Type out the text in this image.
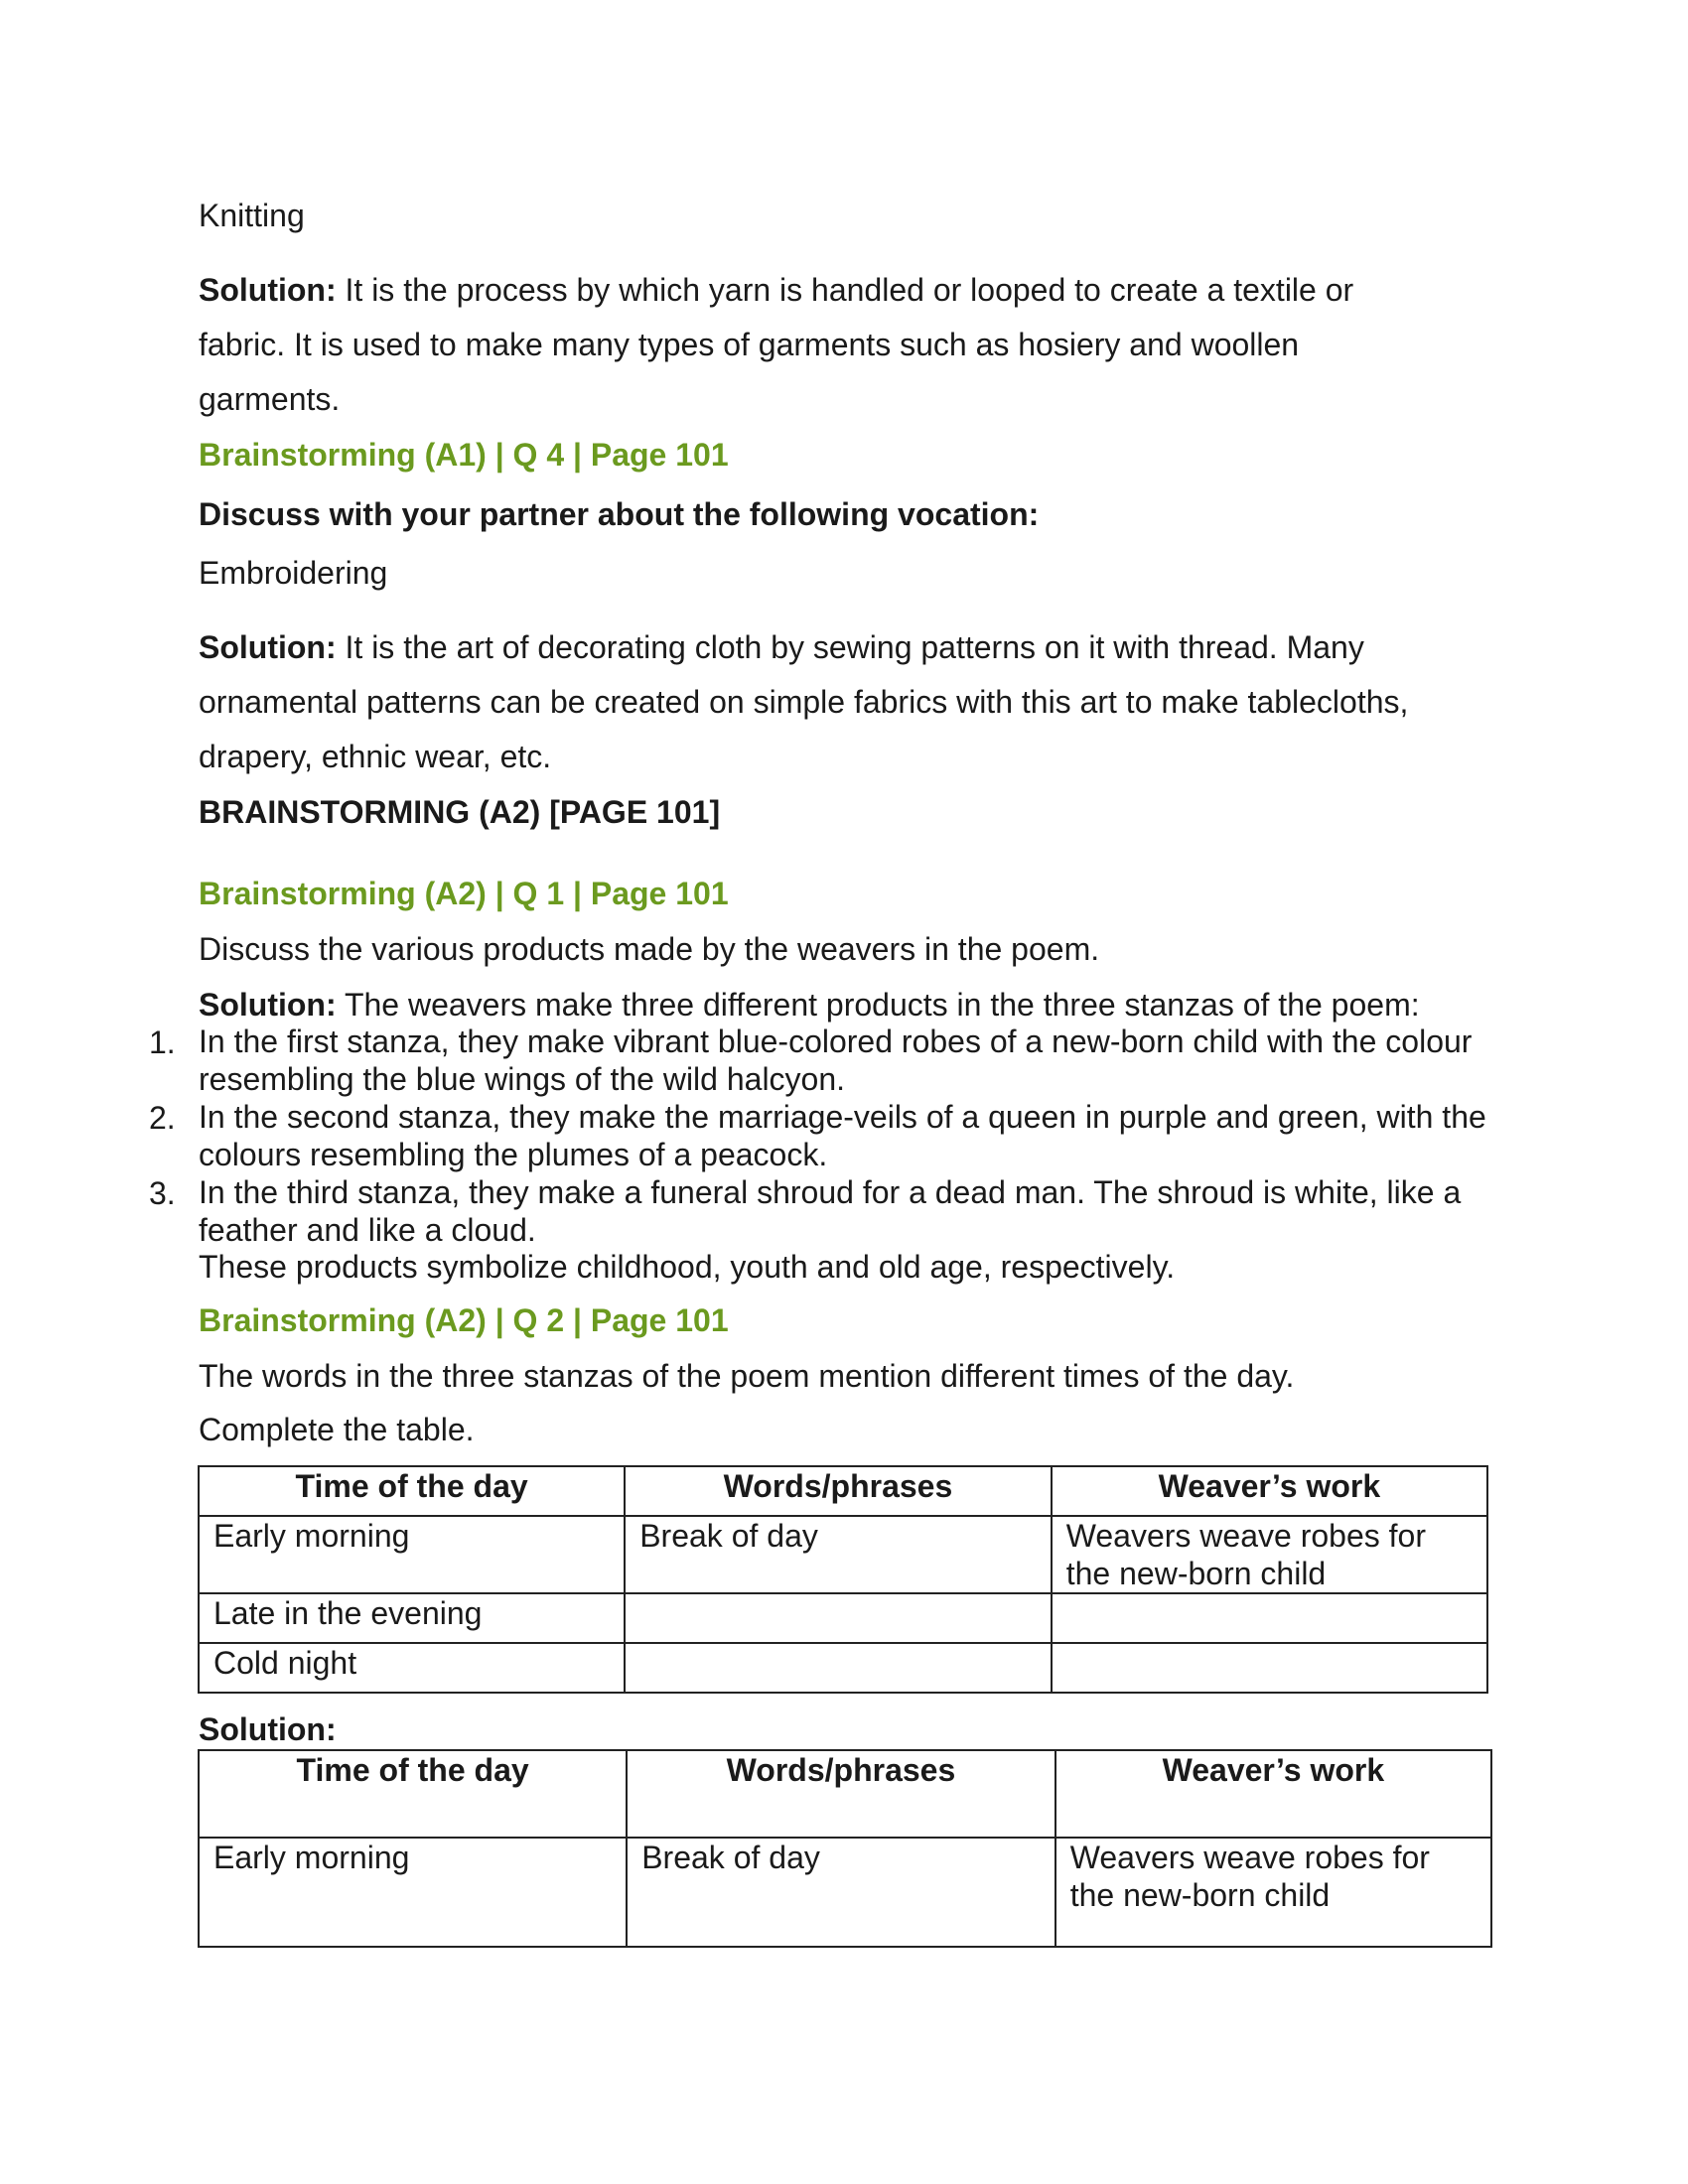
Knitting

Solution: It is the process by which yarn is handled or looped to create a textile or

fabric. It is used to make many types of garments such as hosiery and woollen

garments.

Brainstorming (A1) | Q 4 | Page 101

Discuss with your partner about the following vocation:

Embroidering

Solution: It is the art of decorating cloth by sewing patterns on it with thread. Many

ornamental patterns can be created on simple fabrics with this art to make tablecloths,

drapery, ethnic wear, etc.

BRAINSTORMING (A2) [PAGE 101]

Brainstorming (A2) | Q 1 | Page 101

Discuss the various products made by the weavers in the poem.

Solution: The weavers make three different products in the three stanzas of the poem:

1. In the first stanza, they make vibrant blue-colored robes of a new-born child with the colour resembling the blue wings of the wild halcyon.
2. In the second stanza, they make the marriage-veils of a queen in purple and green, with the colours resembling the plumes of a peacock.
3. In the third stanza, they make a funeral shroud for a dead man. The shroud is white, like a feather and like a cloud.

These products symbolize childhood, youth and old age, respectively.

Brainstorming (A2) | Q 2 | Page 101

The words in the three stanzas of the poem mention different times of the day.

Complete the table.

Time of the day	Words/phrases	Weaver’s work
Early morning	Break of day	Weavers weave robes for the new-born child
Late in the evening		
Cold night		

Solution:

Time of the day	Words/phrases	Weaver’s work
Early morning	Break of day	Weavers weave robes for the new-born child
